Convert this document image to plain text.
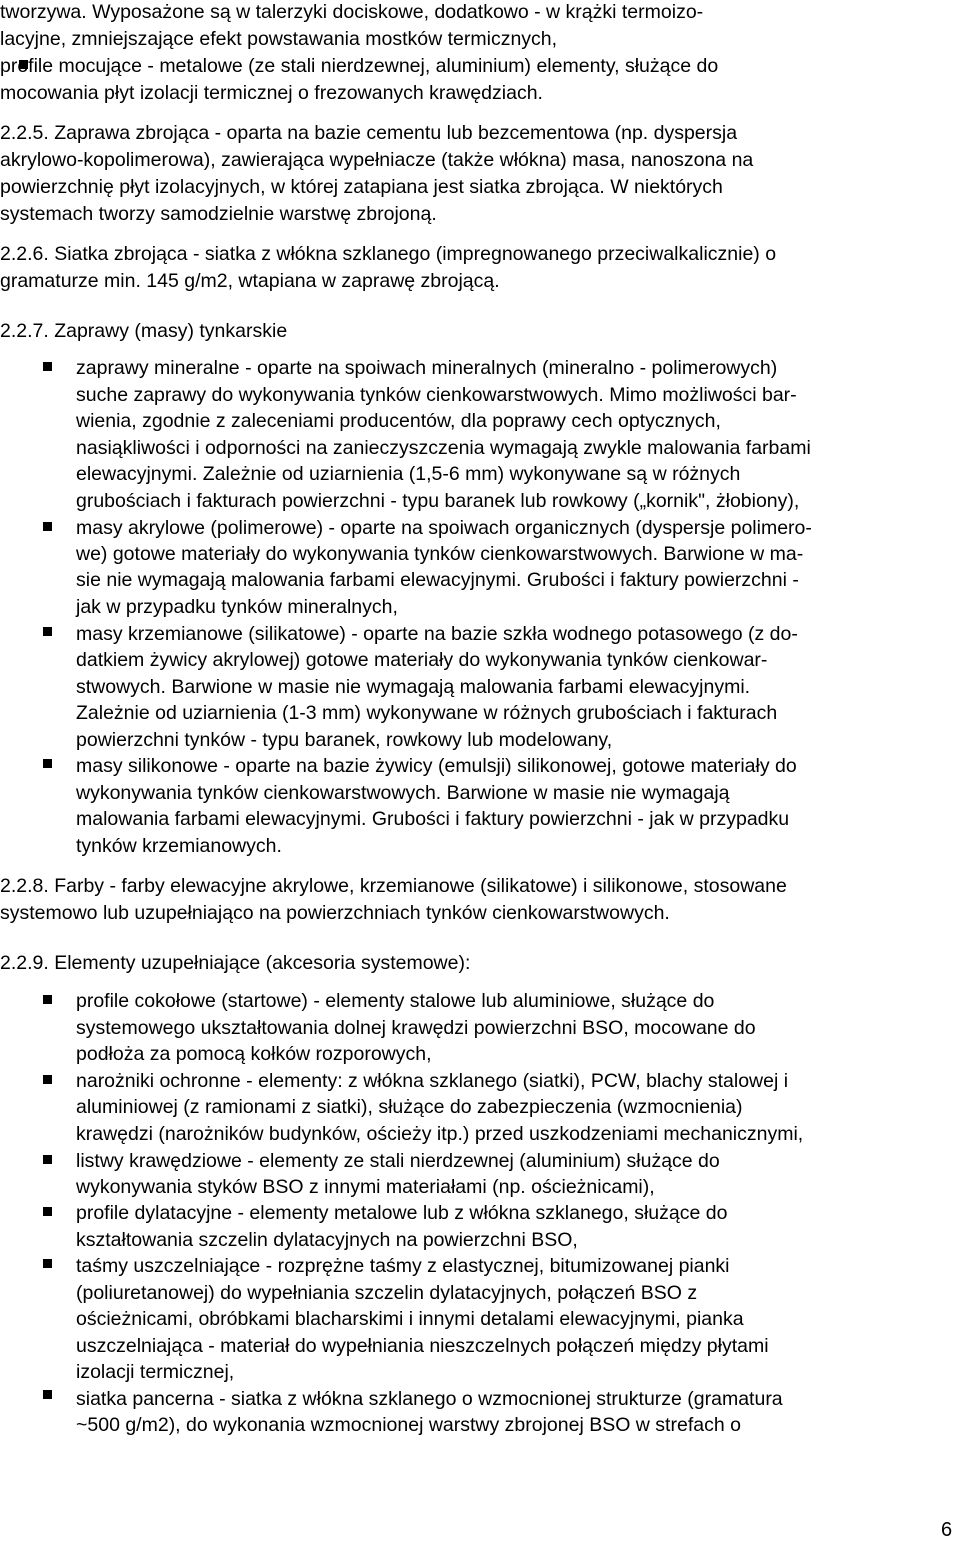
tworzywa. Wyposażone są w talerzyki dociskowe, dodatkowo - w krążki termoizo-
lacyjne, zmniejszające efekt powstawania mostków termicznych,
profile mocujące - metalowe (ze stali nierdzewnej, aluminium) elementy, służące do
mocowania płyt izolacji termicznej o frezowanych krawędziach.
2.2.5. Zaprawa zbrojąca - oparta na bazie cementu lub bezcementowa (np. dyspersja
akrylowo-kopolimerowa), zawierająca wypełniacze (także włókna) masa, nanoszona na
powierzchnię płyt izolacyjnych, w której zatapiana jest siatka zbrojąca. W niektórych
systemach tworzy samodzielnie warstwę zbrojoną.
2.2.6. Siatka zbrojąca - siatka z włókna szklanego (impregnowanego przeciwalkalicznie) o
gramaturze min. 145 g/m2, wtapiana w zaprawę zbrojącą.
2.2.7. Zaprawy (masy) tynkarskie
zaprawy mineralne - oparte na spoiwach mineralnych (mineralno - polimerowych)
suche zaprawy do wykonywania tynków cienkowarstwowych. Mimo możliwości bar-
wienia, zgodnie z zaleceniami producentów, dla poprawy cech optycznych,
nasiąkliwości i odporności na zanieczyszczenia wymagają zwykle malowania farbami
elewacyjnymi. Zależnie od uziarnienia (1,5-6 mm) wykonywane są w różnych
grubościach i fakturach powierzchni - typu baranek lub rowkowy („kornik", żłobiony),
masy akrylowe (polimerowe) - oparte na spoiwach organicznych (dyspersje polimero-
we) gotowe materiały do wykonywania tynków cienkowarstwowych. Barwione w ma-
sie nie wymagają malowania farbami elewacyjnymi. Grubości i faktury powierzchni -
jak w przypadku tynków mineralnych,
masy krzemianowe (silikatowe) - oparte na bazie szkła wodnego potasowego (z do-
datkiem żywicy akrylowej) gotowe materiały do wykonywania tynków cienkowar-
stwowych. Barwione w masie nie wymagają malowania farbami elewacyjnymi.
Zależnie od uziarnienia (1-3 mm) wykonywane w różnych grubościach i fakturach
powierzchni tynków - typu baranek, rowkowy lub modelowany,
masy silikonowe - oparte na bazie żywicy (emulsji) silikonowej, gotowe materiały do
wykonywania tynków cienkowarstwowych. Barwione w masie nie wymagają
malowania farbami elewacyjnymi. Grubości i faktury powierzchni - jak w przypadku
tynków krzemianowych.
2.2.8. Farby - farby elewacyjne akrylowe, krzemianowe (silikatowe) i silikonowe, stosowane
systemowo lub uzupełniająco na powierzchniach tynków cienkowarstwowych.
2.2.9. Elementy uzupełniające (akcesoria systemowe):
profile cokołowe (startowe) - elementy stalowe lub aluminiowe, służące do
systemowego ukształtowania dolnej krawędzi powierzchni BSO, mocowane do
podłoża za pomocą kołków rozporowych,
narożniki ochronne - elementy: z włókna szklanego (siatki), PCW, blachy stalowej i
aluminiowej (z ramionami z siatki), służące do zabezpieczenia (wzmocnienia)
krawędzi (narożników budynków, ościeży itp.) przed uszkodzeniami mechanicznymi,
listwy krawędziowe - elementy ze stali nierdzewnej (aluminium) służące do
wykonywania styków BSO z innymi materiałami (np. ościeżnicami),
profile dylatacyjne - elementy metalowe lub z włókna szklanego, służące do
kształtowania szczelin dylatacyjnych na powierzchni BSO,
taśmy uszczelniające - rozprężne taśmy z elastycznej, bitumizowanej pianki
(poliuretanowej) do wypełniania szczelin dylatacyjnych, połączeń BSO z
ościeżnicami, obróbkami blacharskimi i innymi detalami elewacyjnymi, pianka
uszczelniająca - materiał do wypełniania nieszczelnych połączeń między płytami
izolacji termicznej,
siatka pancerna - siatka z włókna szklanego o wzmocnionej strukturze (gramatura
~500 g/m2), do wykonania wzmocnionej warstwy zbrojonej BSO w strefach o
6
